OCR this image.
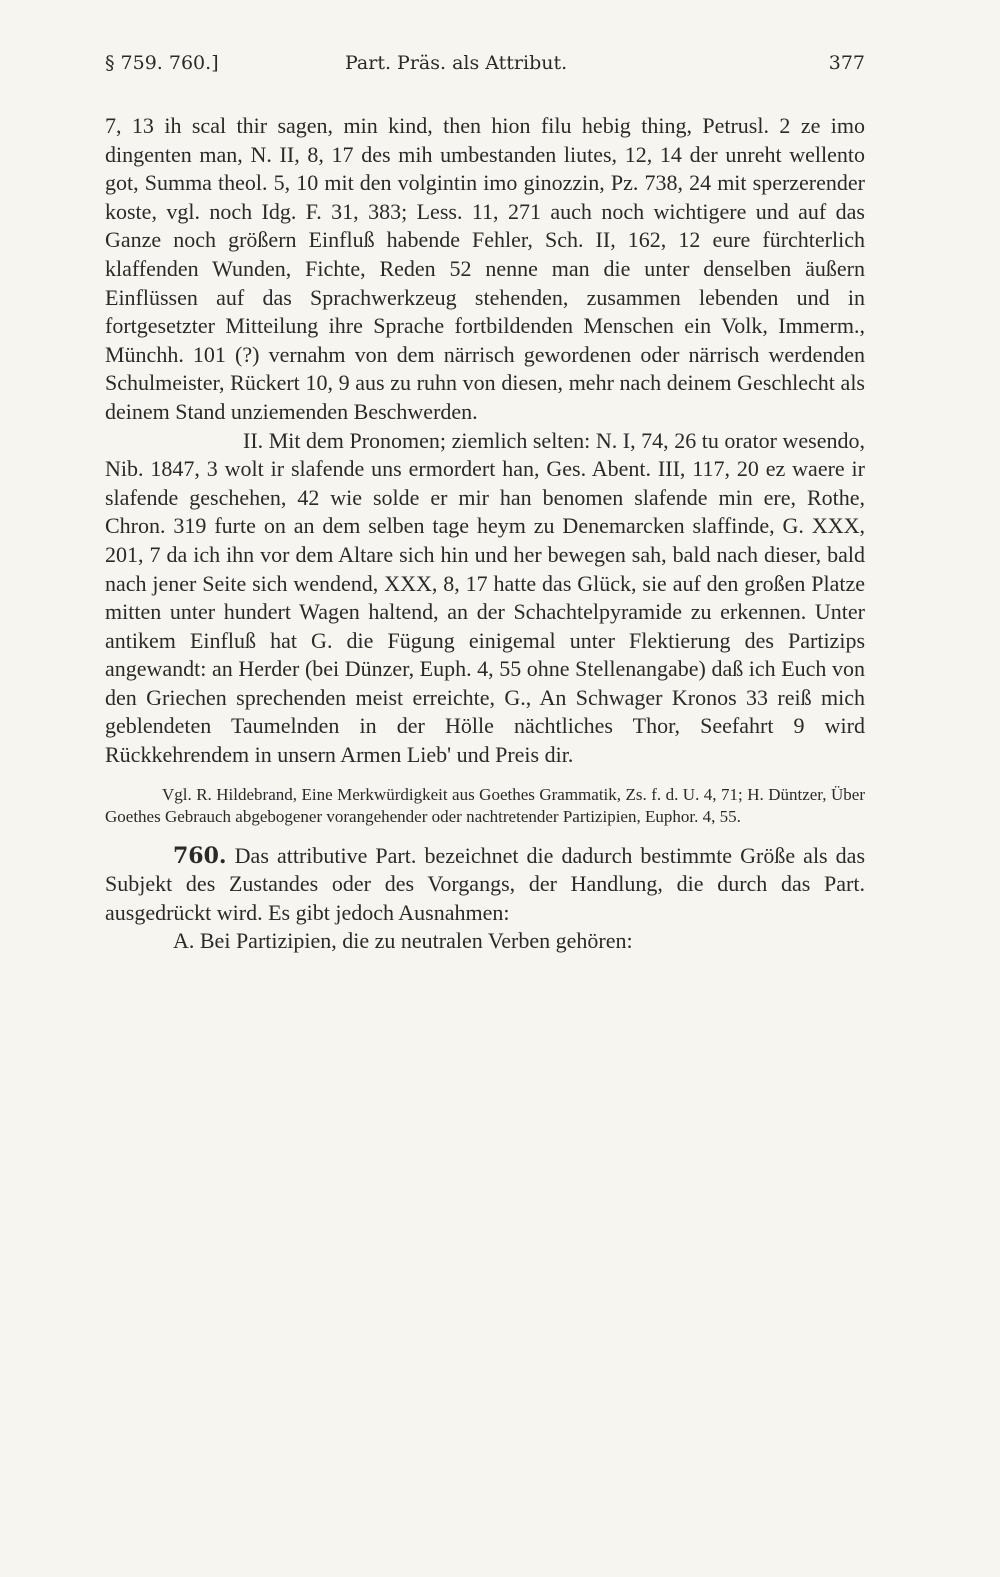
§ 759. 760.]	Part. Präs. als Attribut.	377

7, 13 ih scal thir sagen, min kind, then hion filu hebig thing, Petrusl. 2 ze imo dingenten man, N. II, 8, 17 des mih umbestanden liutes, 12, 14 der unreht wellento got, Summa theol. 5, 10 mit den volgintin imo ginozzin, Pz. 738, 24 mit sperzerender koste, vgl. noch Idg. F. 31, 383; Less. 11, 271 auch noch wichtigere und auf das Ganze noch größern Einfluß habende Fehler, Sch. II, 162, 12 eure fürchterlich klaffenden Wunden, Fichte, Reden 52 nenne man die unter denselben äußern Einflüssen auf das Sprachwerkzeug stehenden, zusammen lebenden und in fortgesetzter Mitteilung ihre Sprache fortbildenden Menschen ein Volk, Immerm., Münchh. 101 (?) vernahm von dem närrisch gewordenen oder närrisch werdenden Schulmeister, Rückert 10, 9 aus zu ruhn von diesen, mehr nach deinem Geschlecht als deinem Stand unziemenden Beschwerden.

II. Mit dem Pronomen; ziemlich selten: N. I, 74, 26 tu orator wesendo, Nib. 1847, 3 wolt ir slafende uns ermordert han, Ges. Abent. III, 117, 20 ez waere ir slafende geschehen, 42 wie solde er mir han benomen slafende min ere, Rothe, Chron. 319 furte on an dem selben tage heym zu Denemarcken slaffinde, G. XXX, 201, 7 da ich ihn vor dem Altare sich hin und her bewegen sah, bald nach dieser, bald nach jener Seite sich wendend, XXX, 8, 17 hatte das Glück, sie auf den großen Platze mitten unter hundert Wagen haltend, an der Schachtelpyramide zu erkennen. Unter antikem Einfluß hat G. die Fügung einigemal unter Flektierung des Partizips angewandt: an Herder (bei Dünzer, Euph. 4, 55 ohne Stellenangabe) daß ich Euch von den Griechen sprechenden meist erreichte, G., An Schwager Kronos 33 reiß mich geblendeten Taumelnden in der Hölle nächtliches Thor, Seefahrt 9 wird Rückkehrendem in unsern Armen Lieb' und Preis dir.

Vgl. R. Hildebrand, Eine Merkwürdigkeit aus Goethes Grammatik, Zs. f. d. U. 4, 71; H. Düntzer, Über Goethes Gebrauch abgebogener vorangehender oder nachtretender Partizipien, Euphor. 4, 55.

760. Das attributive Part. bezeichnet die dadurch bestimmte Größe als das Subjekt des Zustandes oder des Vorgangs, der Handlung, die durch das Part. ausgedrückt wird. Es gibt jedoch Ausnahmen:

A. Bei Partizipien, die zu neutralen Verben gehören:
